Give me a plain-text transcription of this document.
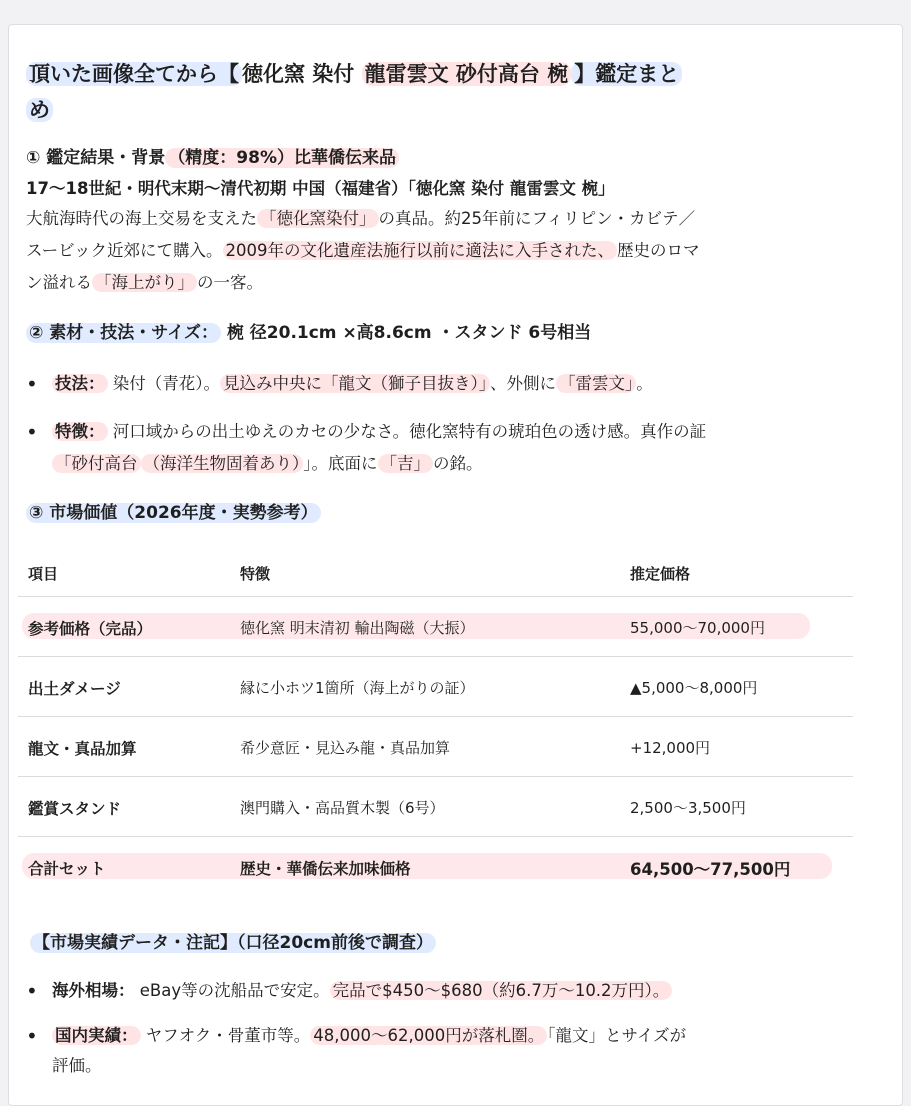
頂いた画像全てから【 徳化窯 染付 龍雷雲文 砂付高台 椀 】鑑定まと
め
① 鑑定結果・背景 （精度：98%）比華僑伝来品
17〜18世紀・明代末期〜清代初期 中国（福建省）「徳化窯 染付 龍雷雲文 椀」
大航海時代の海上交易を支えた 「徳化窯染付」 の真品。約25年前にフィリピン・カビテ／
スービック近郊にて購入。 2009年の文化遺産法施行以前に適法に入手された、 歴史のロマ
ン溢れる 「海上がり」 の一客。
② 素材・技法・サイズ： 椀 径20.1cm ×高8.6cm ・スタンド 6号相当
• 技法： 染付（青花）。 見込み中央に「龍文（獅子目抜き）」 、外側に 「雷雲文」 。
• 特徴： 河口域からの出土ゆえのカセの少なさ。徳化窯特有の琥珀色の透け感。真作の証
「砂付高台 （海洋生物固着あり） 」。底面に 「吉」 の銘。
③ 市場価値（2026年度・実勢参考）
項目	特徴	推定価格
参考価格（完品）	徳化窯 明末清初 輸出陶磁（大振）	55,000〜70,000円
出土ダメージ	縁に小ホツ1箇所（海上がりの証）	▲5,000〜8,000円
龍文・真品加算	希少意匠・見込み龍・真品加算	+12,000円
鑑賞スタンド	澳門購入・高品質木製（6号）	2,500〜3,500円
合計セット	歴史・華僑伝来加味価格	64,500〜77,500円
【市場実績データ・注記】（口径20cm前後で調査）
• 海外相場： eBay等の沈船品で安定。 完品で$450〜$680（約6.7万〜10.2万円）。
• 国内実績： ヤフオク・骨董市等。 48,000〜62,000円が落札圏。 「龍文」とサイズが
評価。
